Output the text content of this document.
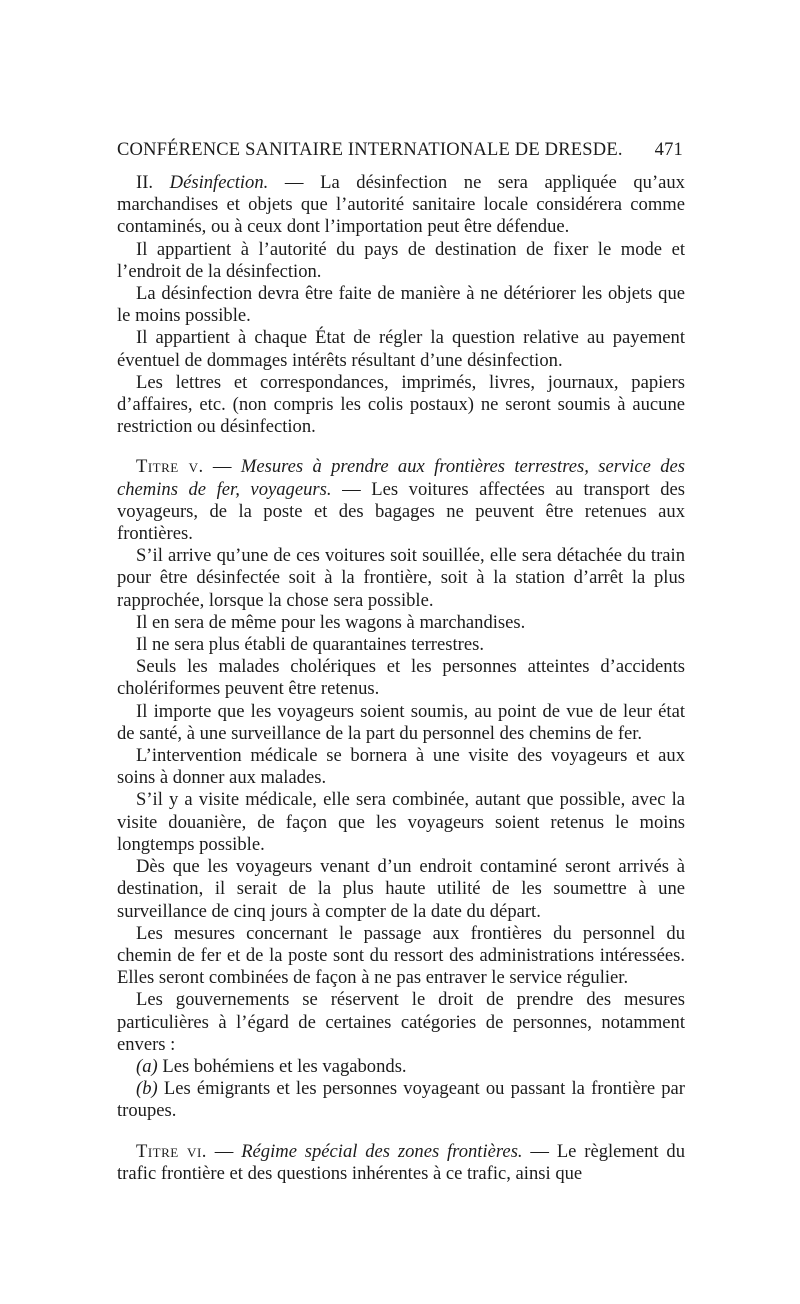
CONFÉRENCE SANITAIRE INTERNATIONALE DE DRESDE. 471

II. Désinfection. — La désinfection ne sera appliquée qu’aux marchandises et objets que l’autorité sanitaire locale considérera comme contaminés, ou à ceux dont l’importation peut être défendue.

Il appartient à l’autorité du pays de destination de fixer le mode et l’endroit de la désinfection.

La désinfection devra être faite de manière à ne détériorer les objets que le moins possible.

Il appartient à chaque État de régler la question relative au payement éventuel de dommages intérêts résultant d’une désinfection.

Les lettres et correspondances, imprimés, livres, journaux, papiers d’affaires, etc. (non compris les colis postaux) ne seront soumis à aucune restriction ou désinfection.

Titre v. — Mesures à prendre aux frontières terrestres, service des chemins de fer, voyageurs. — Les voitures affectées au transport des voyageurs, de la poste et des bagages ne peuvent être retenues aux frontières.

S’il arrive qu’une de ces voitures soit souillée, elle sera détachée du train pour être désinfectée soit à la frontière, soit à la station d’arrêt la plus rapprochée, lorsque la chose sera possible.

Il en sera de même pour les wagons à marchandises.

Il ne sera plus établi de quarantaines terrestres.

Seuls les malades cholériques et les personnes atteintes d’accidents cholériformes peuvent être retenus.

Il importe que les voyageurs soient soumis, au point de vue de leur état de santé, à une surveillance de la part du personnel des chemins de fer.

L’intervention médicale se bornera à une visite des voyageurs et aux soins à donner aux malades.

S’il y a visite médicale, elle sera combinée, autant que possible, avec la visite douanière, de façon que les voyageurs soient retenus le moins longtemps possible.

Dès que les voyageurs venant d’un endroit contaminé seront arrivés à destination, il serait de la plus haute utilité de les soumettre à une surveillance de cinq jours à compter de la date du départ.

Les mesures concernant le passage aux frontières du personnel du chemin de fer et de la poste sont du ressort des administrations intéressées. Elles seront combinées de façon à ne pas entraver le service régulier.

Les gouvernements se réservent le droit de prendre des mesures particulières à l’égard de certaines catégories de personnes, notamment envers :

(a) Les bohémiens et les vagabonds.

(b) Les émigrants et les personnes voyageant ou passant la frontière par troupes.

Titre vi. — Régime spécial des zones frontières. — Le règlement du trafic frontière et des questions inhérentes à ce trafic, ainsi que
